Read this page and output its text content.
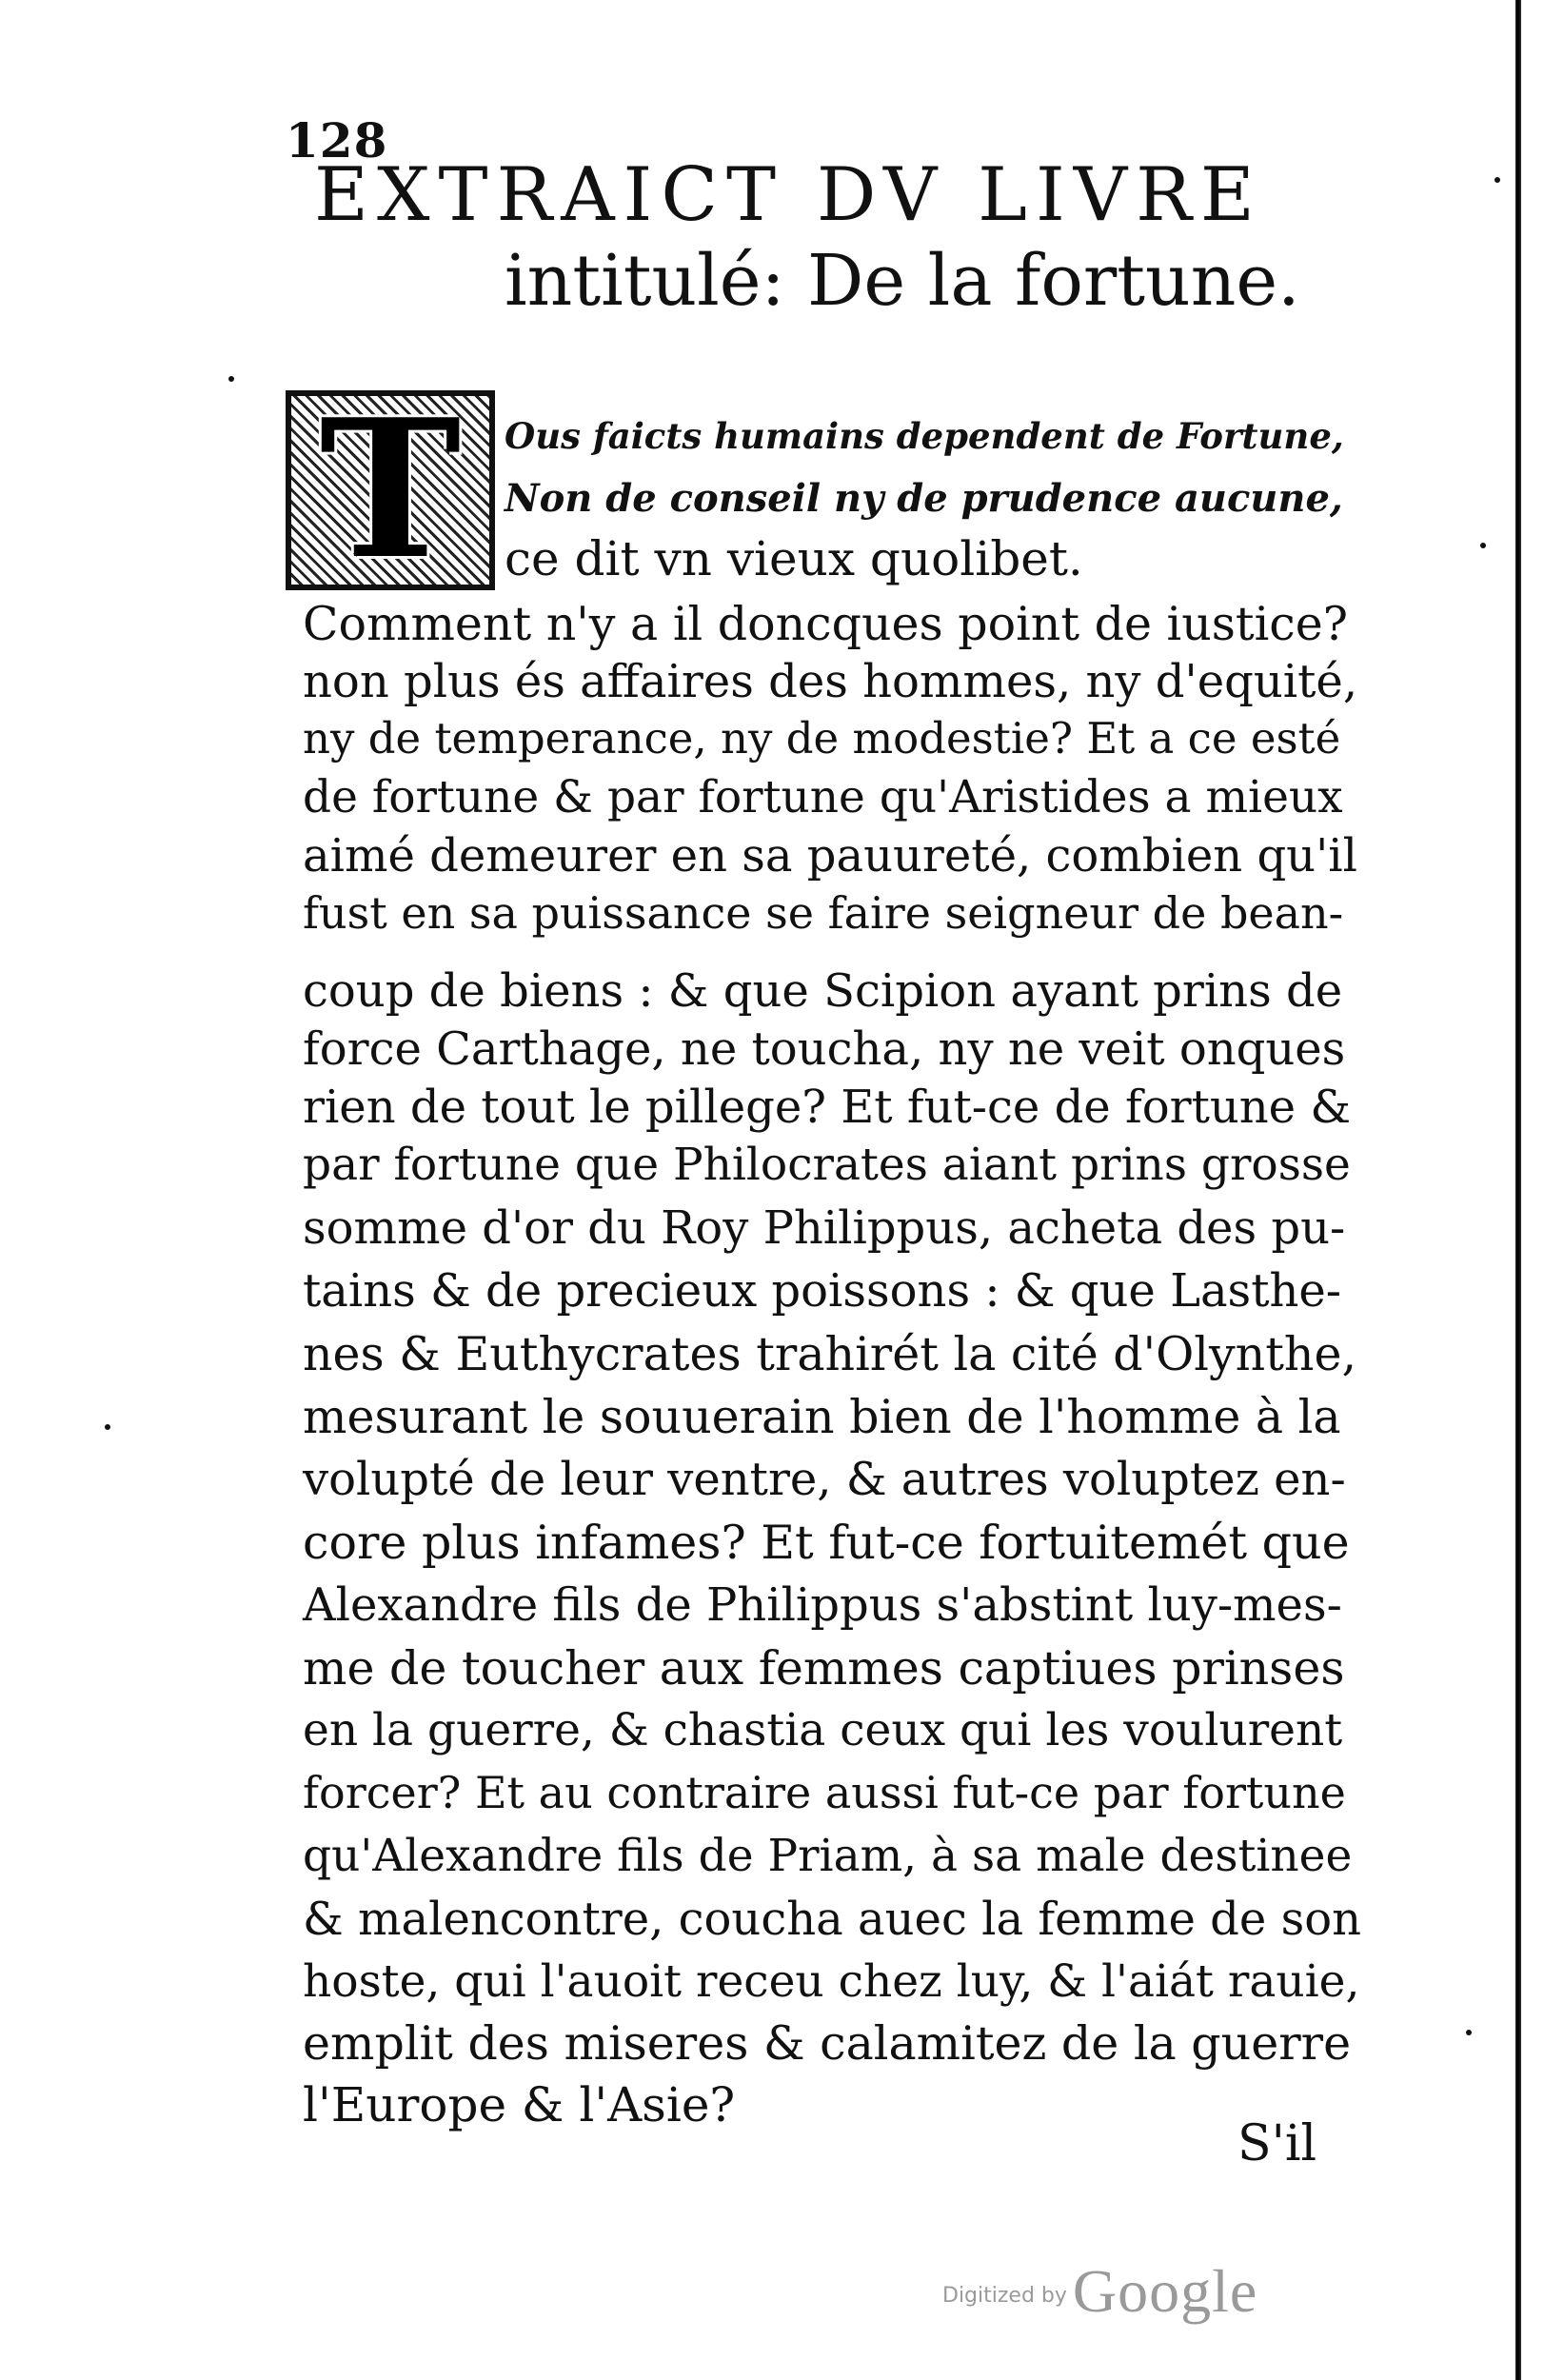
128
EXTRAICT DV LIVRE
intitulé: De la fortune.
T	Ous faicts humains dependent de Fortune,
Non de conseil ny de prudence aucune,
ce dit vn vieux quolibet.
Comment n'y a il doncques point de iustice?
non plus és affaires des hommes, ny d'equité,
ny de temperance, ny de modestie? Et a ce esté
de fortune & par fortune qu'Aristides a mieux
aimé demeurer en sa pauureté, combien qu'il
fust en sa puissance se faire seigneur de bean-
coup de biens : & que Scipion ayant prins de
force Carthage, ne toucha, ny ne veit onques
rien de tout le pillege? Et fut-ce de fortune &
par fortune que Philocrates aiant prins grosse
somme d'or du Roy Philippus, acheta des pu-
tains & de precieux poissons : & que Lasthe-
nes & Euthycrates trahirét la cité d'Olynthe,
mesurant le souuerain bien de l'homme à la
volupté de leur ventre, & autres voluptez en-
core plus infames? Et fut-ce fortuitemét que
Alexandre fils de Philippus s'abstint luy-mes-
me de toucher aux femmes captiues prinses
en la guerre, & chastia ceux qui les voulurent
forcer? Et au contraire aussi fut-ce par fortune
qu'Alexandre fils de Priam, à sa male destinee
& malencontre, coucha auec la femme de son
hoste, qui l'auoit receu chez luy, & l'aiát rauie,
emplit des miseres & calamitez de la guerre
l'Europe & l'Asie?
S'il
Digitized byGoogle
